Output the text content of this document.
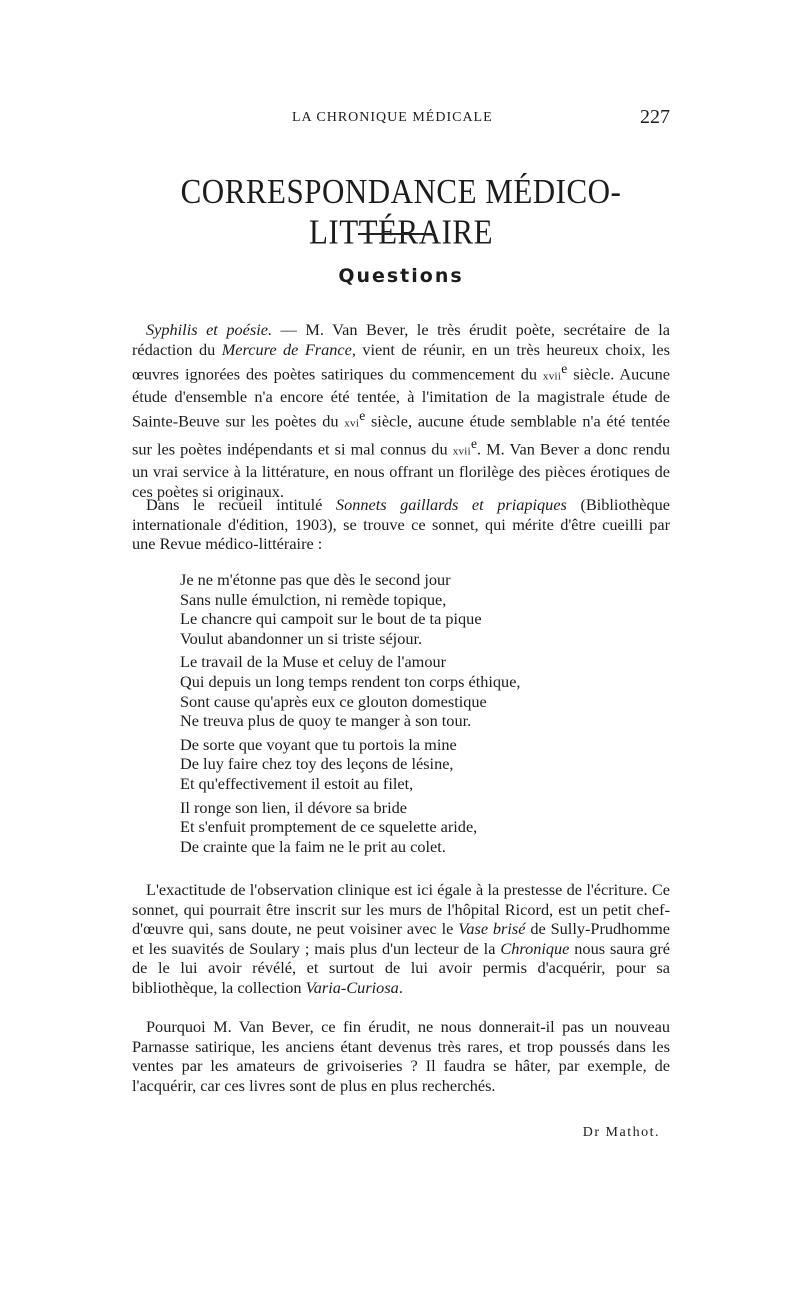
LA CHRONIQUE MÉDICALE	227
CORRESPONDANCE MÉDICO-LITTÉRAIRE
Questions

Syphilis et poésie. — M. Van Bever, le très érudit poète, secrétaire de la rédaction du Mercure de France, vient de réunir, en un très heureux choix, les œuvres ignorées des poètes satiriques du commencement du xvii$^e$ siècle. Aucune étude d'ensemble n'a encore été tentée, à l'imitation de la magistrale étude de Sainte-Beuve sur les poètes du xvi$^e$ siècle, aucune étude semblable n'a été tentée sur les poètes indépendants et si mal connus du xvii$^e$. M. Van Bever a donc rendu un vrai service à la littérature, en nous offrant un florilège des pièces érotiques de ces poètes si originaux.

Dans le recueil intitulé Sonnets gaillards et priapiques (Bibliothèque internationale d'édition, 1903), se trouve ce sonnet, qui mérite d'être cueilli par une Revue médico-littéraire :

Je ne m'étonne pas que dès le second jour
Sans nulle émulction, ni remède topique,
Le chancre qui campoit sur le bout de ta pique
Voulut abandonner un si triste séjour.
Le travail de la Muse et celuy de l'amour
Qui depuis un long temps rendent ton corps éthique,
Sont cause qu'après eux ce glouton domestique
Ne treuva plus de quoy te manger à son tour.
De sorte que voyant que tu portois la mine
De luy faire chez toy des leçons de lésine,
Et qu'effectivement il estoit au filet,
Il ronge son lien, il dévore sa bride
Et s'enfuit promptement de ce squelette aride,
De crainte que la faim ne le prit au colet.

L'exactitude de l'observation clinique est ici égale à la prestesse de l'écriture. Ce sonnet, qui pourrait être inscrit sur les murs de l'hôpital Ricord, est un petit chef-d'œuvre qui, sans doute, ne peut voisiner avec le Vase brisé de Sully-Prudhomme et les suavités de Soulary ; mais plus d'un lecteur de la Chronique nous saura gré de le lui avoir révélé, et surtout de lui avoir permis d'acquérir, pour sa bibliothèque, la collection Varia-Curiosa.

Pourquoi M. Van Bever, ce fin érudit, ne nous donnerait-il pas un nouveau Parnasse satirique, les anciens étant devenus très rares, et trop poussés dans les ventes par les amateurs de grivoiseries ? Il faudra se hâter, par exemple, de l'acquérir, car ces livres sont de plus en plus recherchés.

Dr Mathot.
